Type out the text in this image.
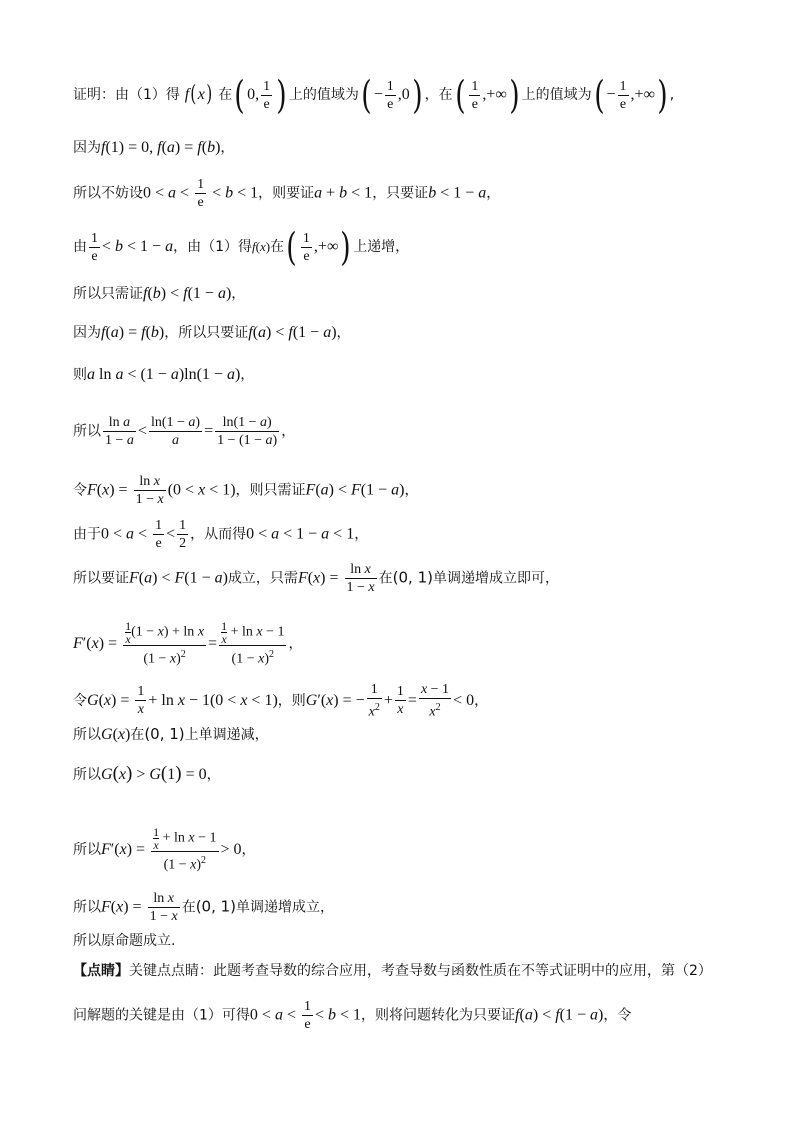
证明：由（1）得 f(x) 在( 0, $\frac{1}{e}$ ) 上的值域为( − $\frac{1}{e} ,0$) ，在( $\frac{1}{e}$ ,+∞) 上的值域为( − $\frac{1}{e}$ ,+∞) ,
因为f(1) = 0, f(a) = f(b)，
所以不妨设$0 < a < \frac{1}{e} < b < 1$，则要证a + b < 1，只要证b < 1 − a，
由 $\frac{1}{e} < b < 1 - a$，由（1）得f(x)在( $\frac{1}{e}$ ,+∞) 上递增，
所以只需证f(b) < f(1 − a)，
因为f(a) = f(b)，所以只要证f(a) < f(1 − a)，
则a ln a < (1 − a)ln(1 − a)，
所以 $\frac{\text{ln a}}{1 - a} < \frac{\ln(1 - a)}{a} = \frac{\ln(1 - a)}{1 - (1 - a)}$ ，
令$F(x) = \frac{\text{ln x}}{1 - x} (0 < x < 1)$，则只需证F(a) < F(1 − a)，
由于$0 < a < \frac{1}{e} < \frac{1}{2}$ ，从而得0 < a < 1 − a < 1，
所以要证F(a) < F(1 − a)成立，只需$F(x) = \frac{\text{ln x}}{1 - x}$ 在(0, 1)单调递增成立即可，
$F'(x) = \frac{\frac{1}{x}(1 - x) + \ln x}{(1 - x)^2} = \frac{\frac{1}{x} + \ln x - 1}{(1 - x)^2}$ ，
令$G(x) = \frac{1}{x} + \ln x - 1(0 < x < 1)$，则G′(x) = − $\frac{1}{x^2} + \frac{1}{x} = \frac{x - 1}{x^2} < 0$，
所以G(x)在(0, 1)上单调递减，
所以G(x) > G(1) = 0，
所以$F'(x) = \frac{\frac{1}{x} + \ln x - 1}{(1 - x)^2} > 0$，
所以$F(x) = \frac{\text{ln x}}{1 - x}$ 在(0, 1)单调递增成立，
所以原命题成立.
【点睛】关键点点睛：此题考查导数的综合应用，考查导数与函数性质在不等式证明中的应用，第（2）
问解题的关键是由（1）可得$0 < a < \frac{1}{e} < b < 1$，则将问题转化为只要证f(a) < f(1 − a)，令
